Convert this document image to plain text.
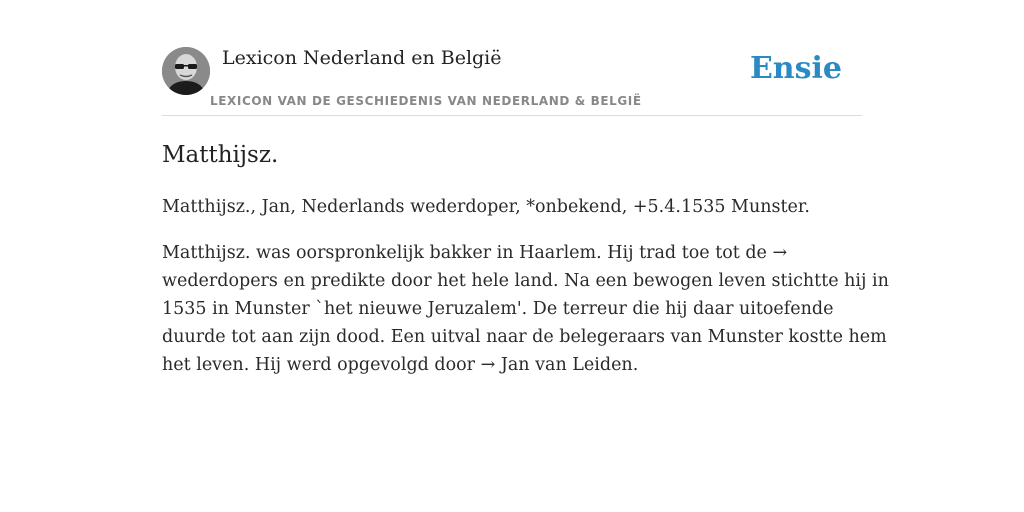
Lexicon Nederland en België
LEXICON VAN DE GESCHIEDENIS VAN NEDERLAND & BELGIË
Ensie
Matthijsz.

Matthijsz., Jan, Nederlands wederdoper, *onbekend, +5.4.1535 Munster.

Matthijsz. was oorspronkelijk bakker in Haarlem. Hij trad toe tot de →
wederdopers en predikte door het hele land. Na een bewogen leven stichtte hij in
1535 in Munster `het nieuwe Jeruzalem'. De terreur die hij daar uitoefende
duurde tot aan zijn dood. Een uitval naar de belegeraars van Munster kostte hem
het leven. Hij werd opgevolgd door → Jan van Leiden.
